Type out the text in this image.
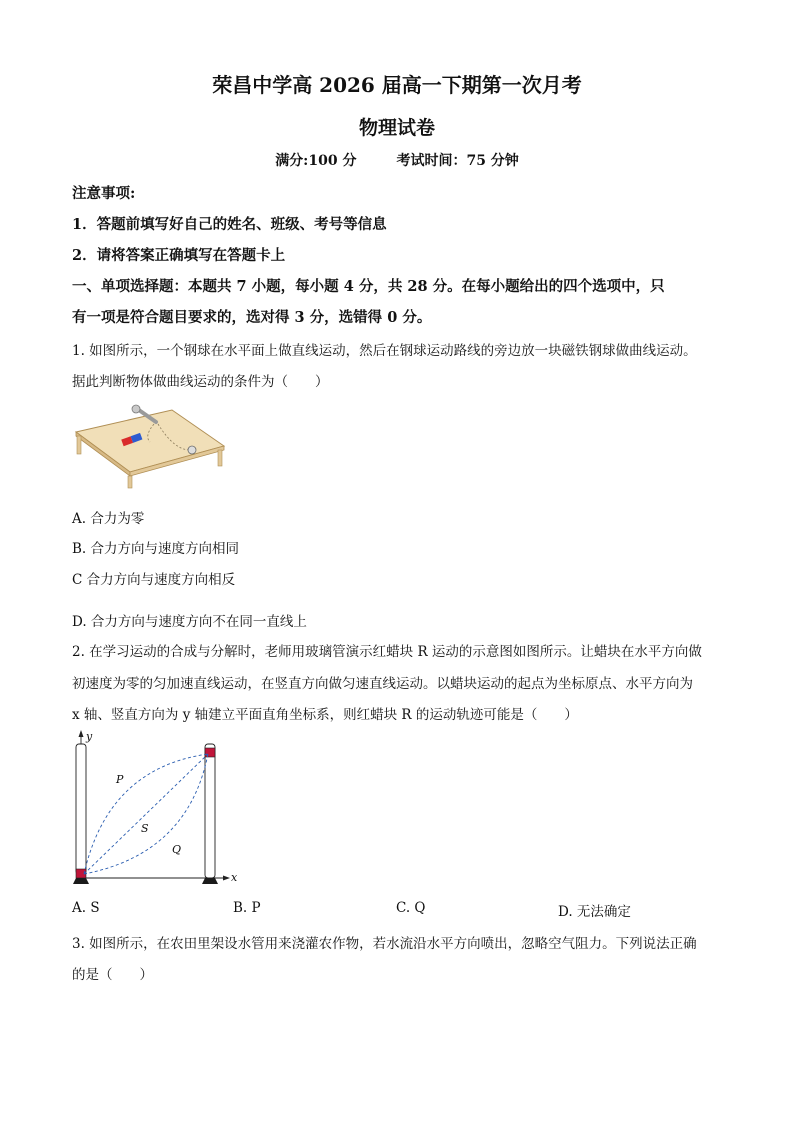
荣昌中学高 2026 届高一下期第一次月考
物理试卷
满分:100 分	考试时间：75 分钟
注意事项:
1．答题前填写好自己的姓名、班级、考号等信息
2．请将答案正确填写在答题卡上
一、单项选择题：本题共 7 小题，每小题 4 分，共 28 分。在每小题给出的四个选项中，只
有一项是符合题目要求的，选对得 3 分，选错得 0 分。
1. 如图所示，一个钢球在水平面上做直线运动，然后在钢球运动路线的旁边放一块磁铁钢球做曲线运动。
据此判断物体做曲线运动的条件为（　　）
A. 合力为零
B. 合力方向与速度方向相同
C 合力方向与速度方向相反
D. 合力方向与速度方向不在同一直线上
2. 在学习运动的合成与分解时，老师用玻璃管演示红蜡块 R 运动的示意图如图所示。让蜡块在水平方向做
初速度为零的匀加速直线运动，在竖直方向做匀速直线运动。以蜡块运动的起点为坐标原点、水平方向为
x 轴、竖直方向为 y 轴建立平面直角坐标系，则红蜡块 R 的运动轨迹可能是（　　）
y
x
P
S
Q
A. S	B. P	C. Q	D. 无法确定
3. 如图所示，在农田里架设水管用来浇灌农作物，若水流沿水平方向喷出，忽略空气阻力。下列说法正确
的是（　　）
